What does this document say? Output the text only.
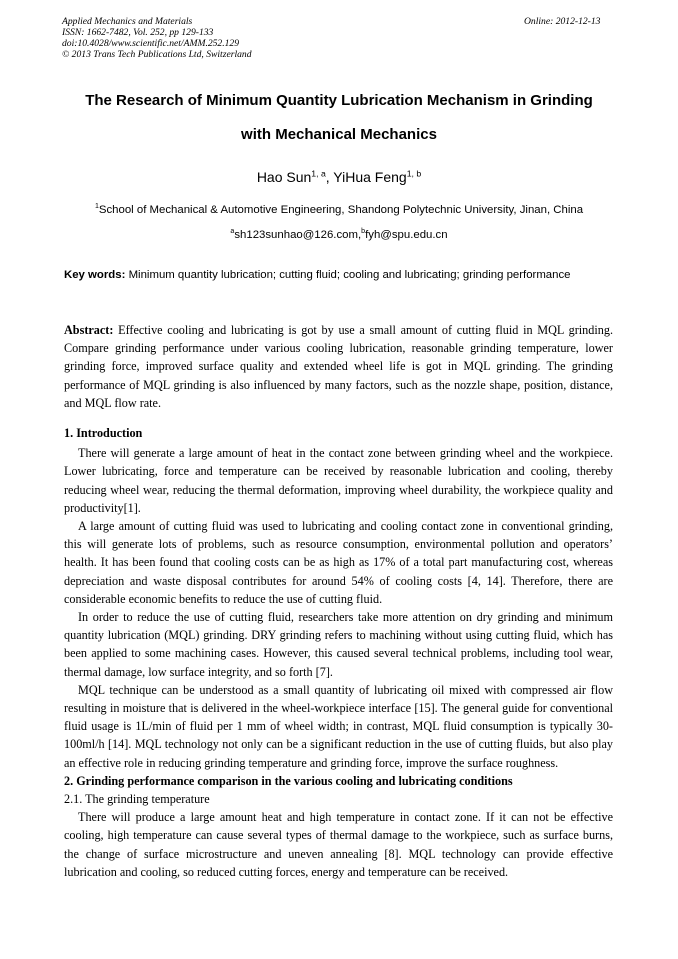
Applied Mechanics and Materials
ISSN: 1662-7482, Vol. 252, pp 129-133
doi:10.4028/www.scientific.net/AMM.252.129
© 2013 Trans Tech Publications Ltd, Switzerland
Online: 2012-12-13
The Research of Minimum Quantity Lubrication Mechanism in Grinding
with Mechanical Mechanics
Hao Sun$^{1, a}$, YiHua Feng$^{1, b}$
$^1$School of Mechanical & Automotive Engineering, Shandong Polytechnic University, Jinan, China
$^a$sh123sunhao@126.com,$^b$fyh@spu.edu.cn
Key words: Minimum quantity lubrication; cutting fluid; cooling and lubricating; grinding performance

Abstract: Effective cooling and lubricating is got by use a small amount of cutting fluid in MQL grinding. Compare grinding performance under various cooling lubrication, reasonable grinding temperature, lower grinding force, improved surface quality and extended wheel life is got in MQL grinding. The grinding performance of MQL grinding is also influenced by many factors, such as the nozzle shape, position, distance, and MQL flow rate.

1. Introduction

There will generate a large amount of heat in the contact zone between grinding wheel and the workpiece. Lower lubricating, force and temperature can be received by reasonable lubrication and cooling, thereby reducing wheel wear, reducing the thermal deformation, improving wheel durability, the workpiece quality and productivity[1].

A large amount of cutting fluid was used to lubricating and cooling contact zone in conventional grinding, this will generate lots of problems, such as resource consumption, environmental pollution and operators’ health. It has been found that cooling costs can be as high as 17% of a total part manufacturing cost, whereas depreciation and waste disposal contributes for around 54% of cooling costs [4, 14]. Therefore, there are considerable economic benefits to reduce the use of cutting fluid.

In order to reduce the use of cutting fluid, researchers take more attention on dry grinding and minimum quantity lubrication (MQL) grinding. DRY grinding refers to machining without using cutting fluid, which has been applied to some machining cases. However, this caused several technical problems, including tool wear, thermal damage, low surface integrity, and so forth [7].

MQL technique can be understood as a small quantity of lubricating oil mixed with compressed air flow resulting in moisture that is delivered in the wheel-workpiece interface [15]. The general guide for conventional fluid usage is 1L/min of fluid per 1 mm of wheel width; in contrast, MQL fluid consumption is typically 30-100ml/h [14]. MQL technology not only can be a significant reduction in the use of cutting fluids, but also play an effective role in reducing grinding temperature and grinding force, improve the surface roughness.

2. Grinding performance comparison in the various cooling and lubricating conditions

2.1. The grinding temperature

There will produce a large amount heat and high temperature in contact zone. If it can not be effective cooling, high temperature can cause several types of thermal damage to the workpiece, such as surface burns, the change of surface microstructure and uneven annealing [8]. MQL technology can provide effective lubrication and cooling, so reduced cutting forces, energy and temperature can be received.
